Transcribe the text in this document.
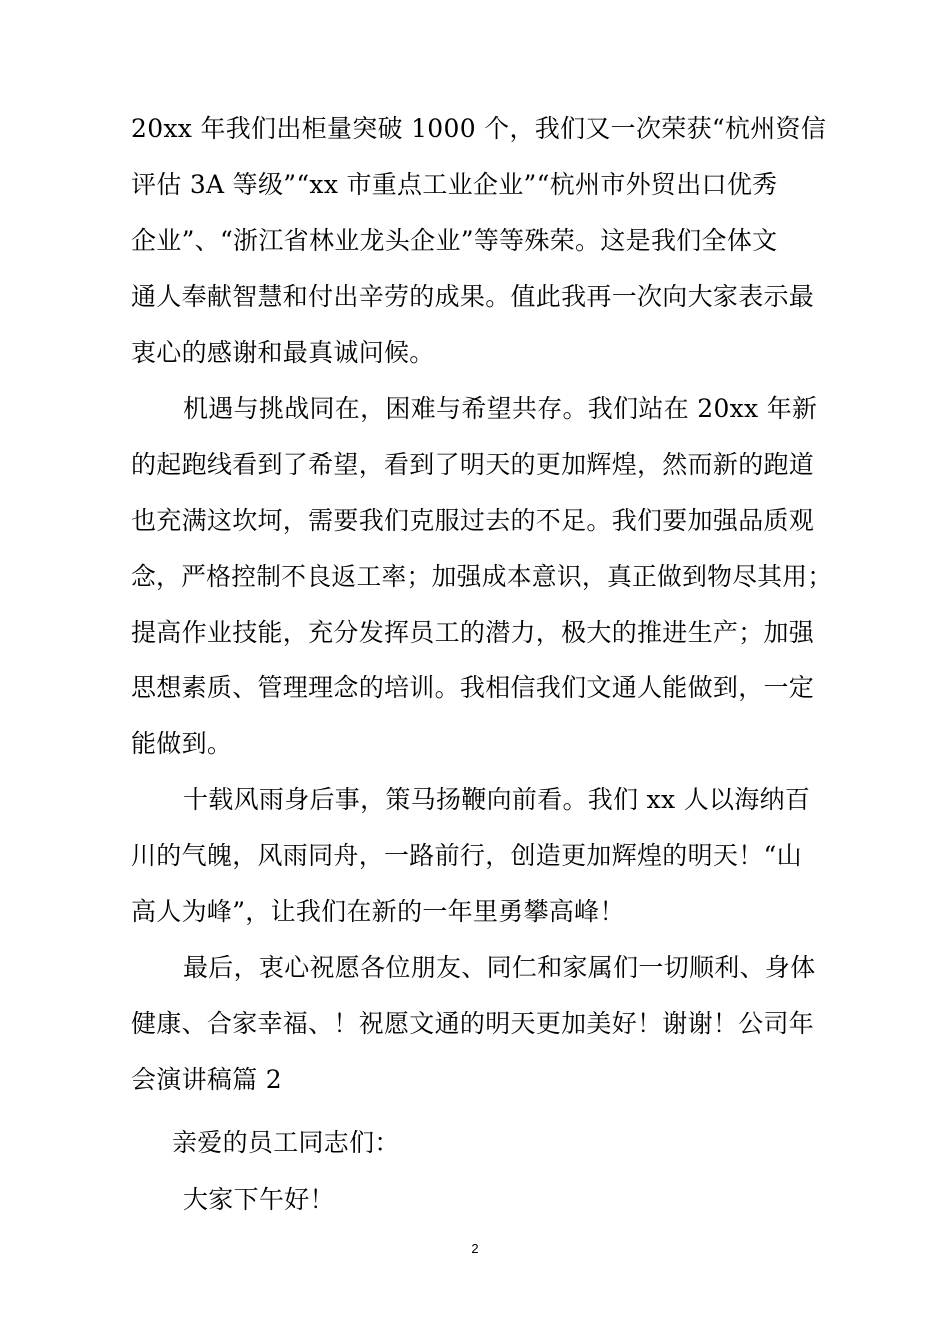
20xx 年我们出柜量突破 1000 个，我们又一次荣获“杭州资信
评估 3A 等级”“xx 市重点工业企业”“杭州市外贸出口优秀
企业”、“浙江省林业龙头企业”等等殊荣。这是我们全体文
通人奉献智慧和付出辛劳的成果。值此我再一次向大家表示最
衷心的感谢和最真诚问候。
机遇与挑战同在，困难与希望共存。我们站在 20xx 年新
的起跑线看到了希望，看到了明天的更加辉煌，然而新的跑道
也充满这坎坷，需要我们克服过去的不足。我们要加强品质观
念，严格控制不良返工率；加强成本意识，真正做到物尽其用；
提高作业技能，充分发挥员工的潜力，极大的推进生产；加强
思想素质、管理理念的培训。我相信我们文通人能做到，一定
能做到。
十载风雨身后事，策马扬鞭向前看。我们 xx 人以海纳百
川的气魄，风雨同舟，一路前行，创造更加辉煌的明天！“山
高人为峰”，让我们在新的一年里勇攀高峰！
最后，衷心祝愿各位朋友、同仁和家属们一切顺利、身体
健康、合家幸福、！祝愿文通的明天更加美好！谢谢！公司年
会演讲稿篇 2
亲爱的员工同志们：
大家下午好！
2
